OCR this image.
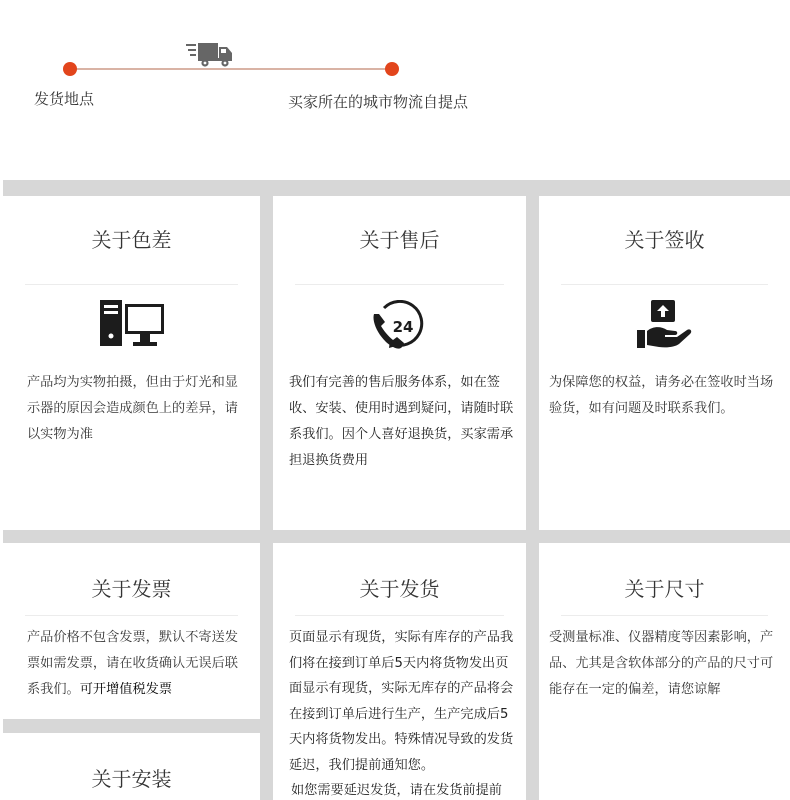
发货地点	买家所在的城市物流自提点
关于色差
产品均为实物拍摄，但由于灯光和显示器的原因会造成颜色上的差异，请以实物为准
关于售后
24
我们有完善的售后服务体系，如在签收、安装、使用时遇到疑问，请随时联系我们。因个人喜好退换货，买家需承担退换货费用
关于签收
为保障您的权益，请务必在签收时当场验货，如有问题及时联系我们。
关于发票
产品价格不包含发票，默认不寄送发票如需发票，请在收货确认无误后联系我们。可开增值税发票
关于发货
页面显示有现货，实际有库存的产品我们将在接到订单后5天内将货物发出页面显示有现货，实际无库存的产品将会在接到订单后进行生产，生产完成后5天内将货物发出。特殊情况导致的发货延迟，我们提前通知您。
如您需要延迟发货，请在发货前提前
关于尺寸
受测量标准、仪器精度等因素影响，产品、尤其是含软体部分的产品的尺寸可能存在一定的偏差，请您谅解
关于安装
